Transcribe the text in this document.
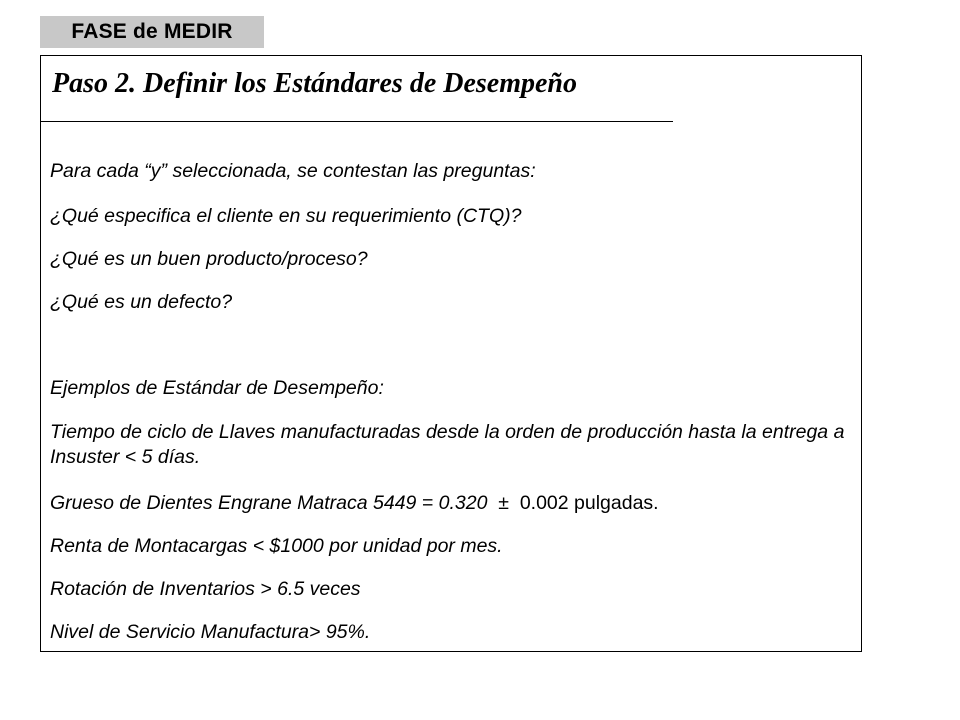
FASE de MEDIR
Paso 2. Definir los Estándares de Desempeño

Para cada “y” seleccionada, se contestan las preguntas:

¿Qué especifica el cliente en su requerimiento (CTQ)?

¿Qué es un buen producto/proceso?

¿Qué es un defecto?

Ejemplos de Estándar de Desempeño:

Tiempo de ciclo de Llaves manufacturadas desde la orden de producción hasta la entrega a Insuster < 5 días.

Grueso de Dientes Engrane Matraca 5449 = 0.320 ± 0.002 pulgadas.

Renta de Montacargas < $1000 por unidad por mes.

Rotación de Inventarios > 6.5 veces

Nivel de Servicio Manufactura> 95%.
